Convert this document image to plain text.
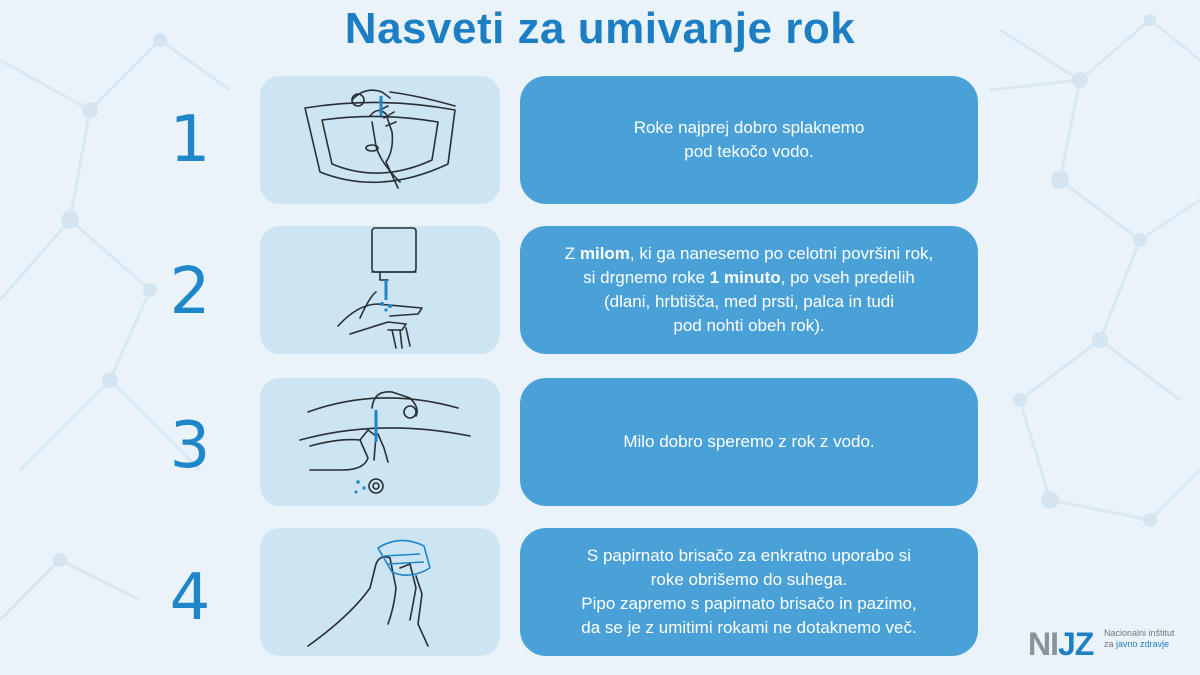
Nasveti za umivanje rok
1	Roke najprej dobro splaknemo

pod tekočo vodo.

2

Z milom, ki ga nanesemo po celotni površini rok,

si drgnemo roke 1 minuto, po vseh predelih

(dlani, hrbtišča, med prsti, palca in tudi

pod nohti obeh rok).

3	Milo dobro speremo z rok z vodo.

4

S papirnato brisačo za enkratno uporabo si

roke obrišemo do suhega.

Pipo zapremo s papirnato brisačo in pazimo,

da se je z umitimi rokami ne dotaknemo več.	NIJZ Nacionalni inštitut
za javno zdravje
